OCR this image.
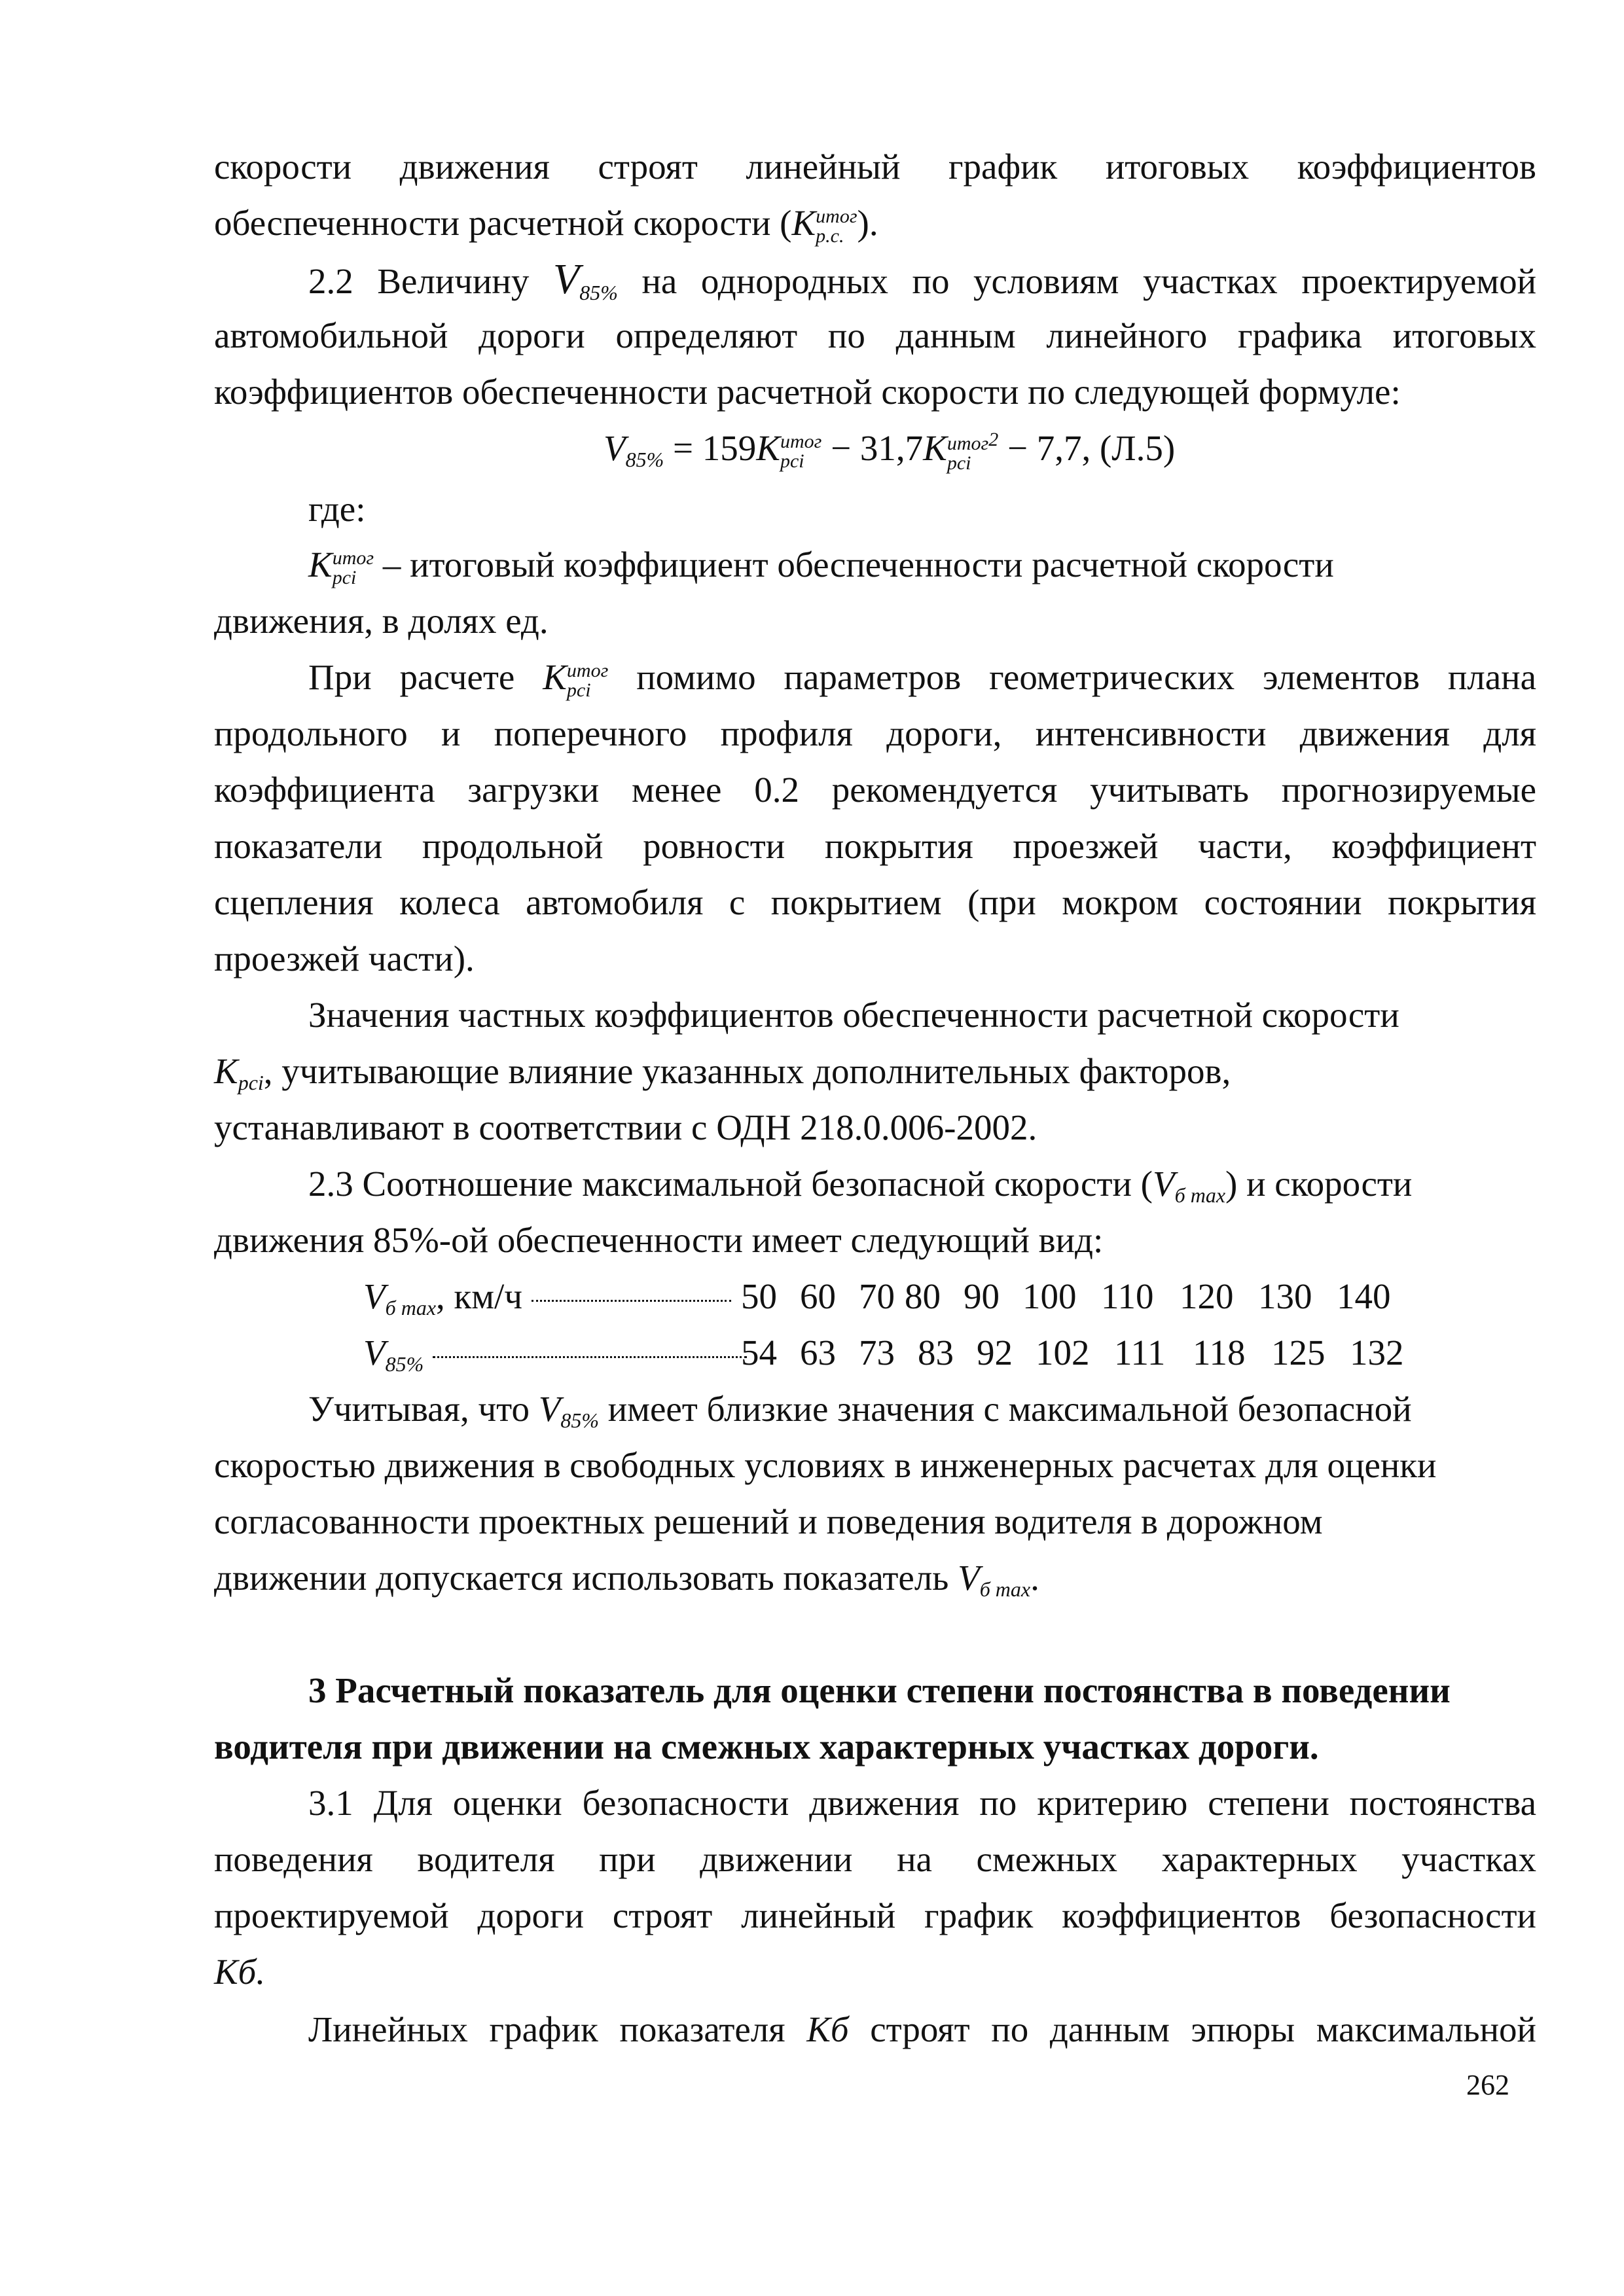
скорости движения строят линейный график итоговых коэффициентов
обеспеченности расчетной скорости (K итог
р.с. ).
2.2 Величину V85% на однородных по условиям участках проектируемой
автомобильной дороги определяют по данным линейного графика итоговых
коэффициентов обеспеченности расчетной скорости по следующей формуле:
V85% = 159K итог
pci − 31,7K итог2
pci	− 7,7, (Л.5)
где:
K итог
pci – итоговый коэффициент обеспеченности расчетной скорости
движения, в долях ед.
При расчете K итог
pci	помимо параметров геометрических элементов плана
продольного и поперечного профиля дороги, интенсивности движения для
коэффициента загрузки менее 0.2 рекомендуется учитывать прогнозируемые
показатели продольной ровности покрытия проезжей части, коэффициент
сцепления колеса автомобиля с покрытием (при мокром состоянии покрытия
проезжей части).
Значения частных коэффициентов обеспеченности расчетной скорости
Kpci, учитывающие влияние указанных дополнительных факторов,
устанавливают в соответствии с ОДН 218.0.006-2002.
2.3 Соотношение максимальной безопасной скорости (Vб max) и скорости
движения 85%-ой обеспеченности имеет следующий вид:
Vб max, км/ч	50 60 70 80 90 100 110 120 130 140
V85%	54 63 73 83 92 102 111 118 125 132
Учитывая, что V85% имеет близкие значения с максимальной безопасной
скоростью движения в свободных условиях в инженерных расчетах для оценки
согласованности проектных решений и поведения водителя в дорожном
движении допускается использовать показатель Vб max.
3 Расчетный показатель для оценки степени постоянства в поведении
водителя при движении на смежных характерных участках дороги.
3.1 Для оценки безопасности движения по критерию степени постоянства
поведения водителя при движении на смежных характерных участках
проектируемой дороги строят линейный график коэффициентов безопасности
Kб.
Линейных график показателя Kб строят по данным эпюры максимальной
262
